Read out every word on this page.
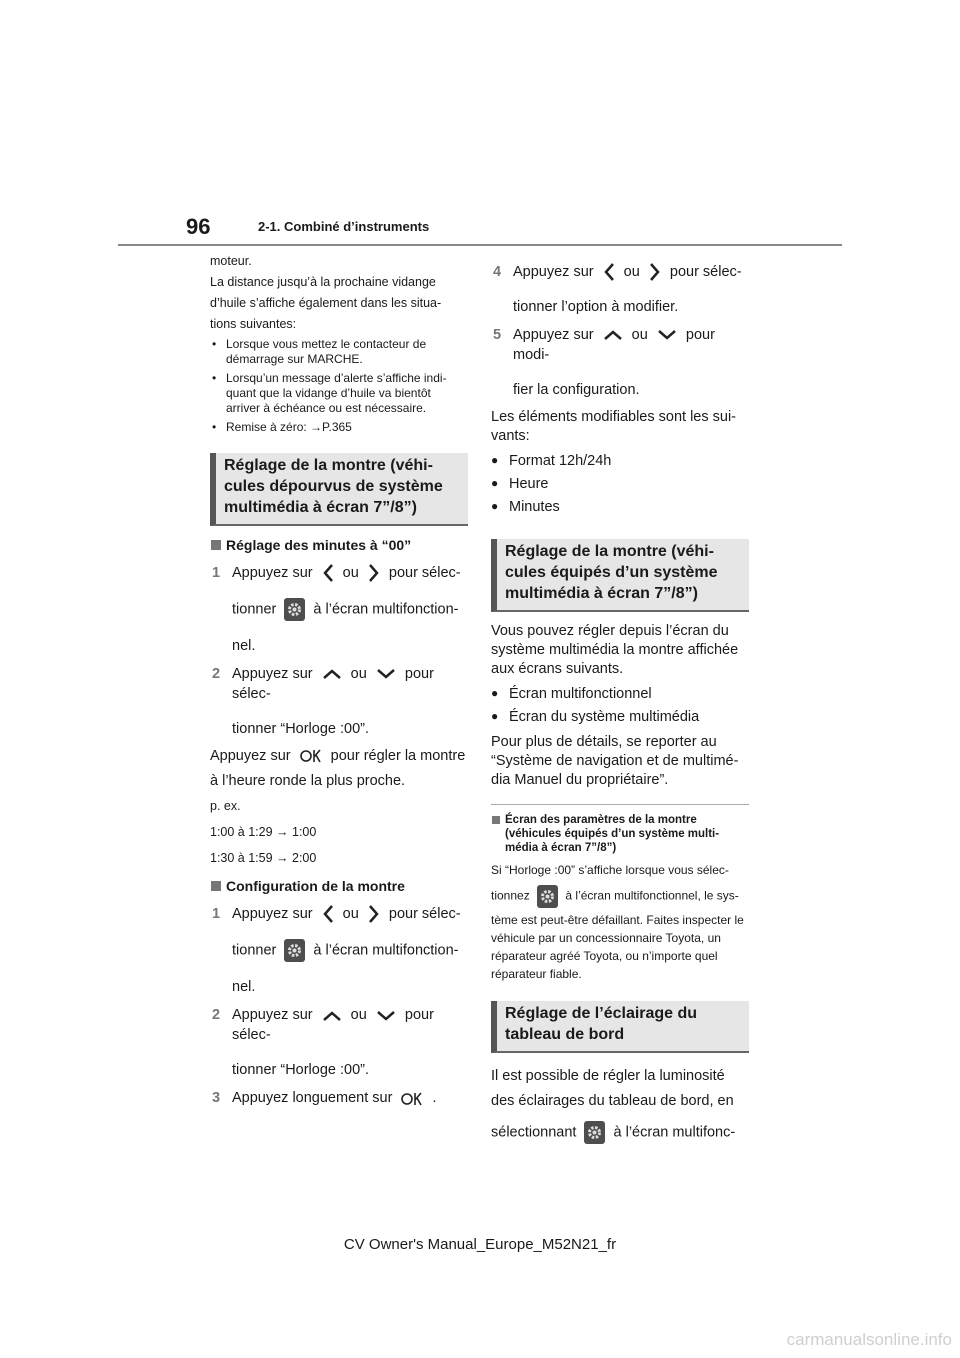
96	2-1. Combiné d’instruments

moteur.

La distance jusqu’à la prochaine vidange

d’huile s’affiche également dans les situa-

tions suivantes:

• Lorsque vous mettez le contacteur de démarrage sur MARCHE.
• Lorsqu’un message d’alerte s’affiche indi-quant que la vidange d’huile va bientôt arriver à échéance ou est nécessaire.
• Remise à zéro: →P.365
Réglage de la montre (véhi-cules dépourvus de système multimédia à écran 7”/8”)
Réglage des minutes à “00”
1 Appuyez sur ou pour sélec-
tionner	à l’écran multifonction-
nel.
2 Appuyez sur	ou	pour sélec-
tionner “Horloge :00”.

Appuyez sur	pour régler la montre

à l’heure ronde la plus proche.

p. ex.

1:00 à 1:29 → 1:00

1:30 à 1:59 → 2:00

Configuration de la montre
1 Appuyez sur ou pour sélec-
tionner	à l’écran multifonction-
nel.
2 Appuyez sur	ou	pour sélec-
tionner “Horloge :00”.
3 Appuyez longuement sur	.
4 Appuyez sur ou pour sélec-
tionner l’option à modifier.
5 Appuyez sur	ou	pour modi-
fier la configuration.

Les éléments modifiables sont les sui-vants:

● Format 12h/24h
● Heure
● Minutes
Réglage de la montre (véhi-cules équipés d’un système multimédia à écran 7”/8”)

Vous pouvez régler depuis l’écran du système multimédia la montre affichée aux écrans suivants.

● Écran multifonctionnel
● Écran du système multimédia

Pour plus de détails, se reporter au “Système de navigation et de multimé-dia Manuel du propriétaire”.

Écran des paramètres de la montre (véhicules équipés d’un système multi-média à écran 7”/8”)

Si “Horloge :00” s’affiche lorsque vous sélec-

tionnez	à l’écran multifonctionnel, le sys-

tème est peut-être défaillant. Faites inspecter le véhicule par un concessionnaire Toyota, un réparateur agréé Toyota, ou n’importe quel réparateur fiable.

Réglage de l’éclairage du tableau de bord

Il est possible de régler la luminosité

des éclairages du tableau de bord, en

sélectionnant	à l’écran multifonc-

CV Owner's Manual_Europe_M52N21_fr
carmanualsonline.info
